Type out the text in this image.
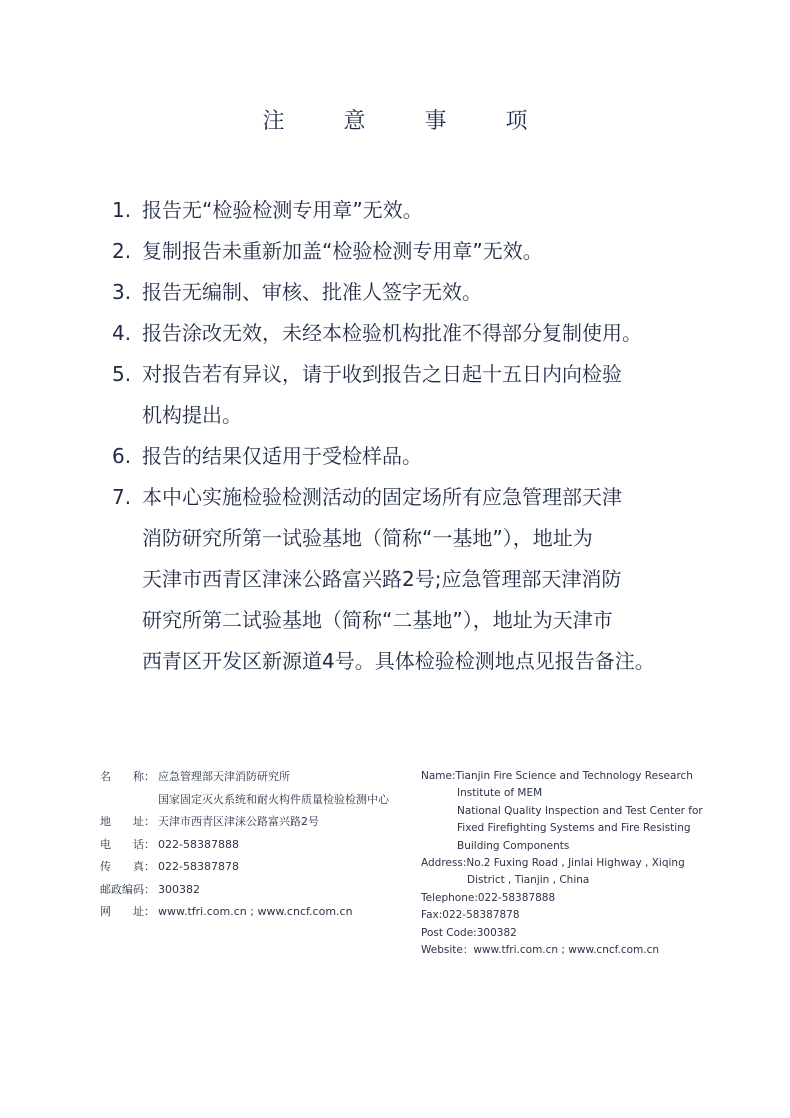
注 意 事 项
1. 报告无“检验检测专用章”无效。
2. 复制报告未重新加盖“检验检测专用章”无效。
3. 报告无编制、审核、批准人签字无效。
4. 报告涂改无效，未经本检验机构批准不得部分复制使用。
5. 对报告若有异议，请于收到报告之日起十五日内向检验
机构提出。
6. 报告的结果仅适用于受检样品。
7. 本中心实施检验检测活动的固定场所有应急管理部天津
消防研究所第一试验基地（简称“一基地”），地址为
天津市西青区津涞公路富兴路2号;应急管理部天津消防
研究所第二试验基地（简称“二基地”），地址为天津市
西青区开发区新源道4号。具体检验检测地点见报告备注。
名　　称： 应急管理部天津消防研究所
国家固定灭火系统和耐火构件质量检验检测中心
地　　址： 天津市西青区津涞公路富兴路2号
电　　话： 022-58387888
传　　真： 022-58387878
邮政编码： 300382
网　　址： www.tfri.com.cn ; www.cncf.com.cn
Name:Tianjin Fire Science and Technology Research
Institute of MEM
National Quality Inspection and Test Center for
Fixed Firefighting Systems and Fire Resisting
Building Components
Address:No.2 Fuxing Road , Jinlai Highway , Xiqing
District , Tianjin , China
Telephone:022-58387888
Fax:022-58387878
Post Code:300382
Website：www.tfri.com.cn ; www.cncf.com.cn
